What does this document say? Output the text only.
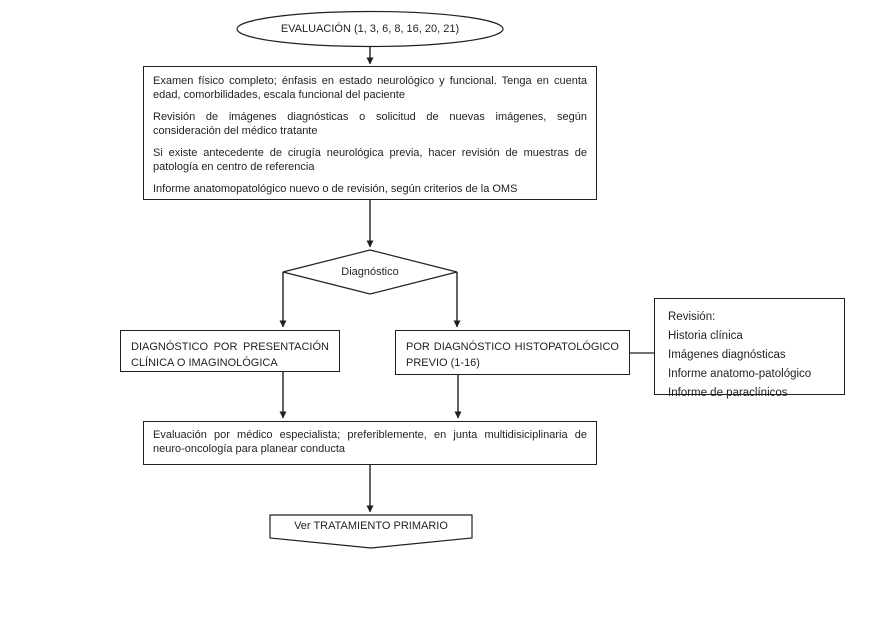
EVALUACIÓN (1, 3, 6, 8, 16, 20, 21)

Examen físico completo; énfasis en estado neurológico y funcional. Tenga en cuenta edad, comorbilidades, escala funcional del paciente

Revisión de imágenes diagnósticas o solicitud de nuevas imágenes, según consideración del médico tratante

Si existe antecedente de cirugía neurológica previa, hacer revisión de muestras de patología en centro de referencia

Informe anatomopatológico nuevo o de revisión, según criterios de la OMS

Diagnóstico
DIAGNÓSTICO POR PRESENTACIÓN CLÍNICA O IMAGINOLÓGICA
POR DIAGNÓSTICO HISTOPATOLÓGICO PREVIO (1-16)
Revisión:
Historia clínica
Imágenes diagnósticas
Informe anatomo-patológico
Informe de paraclínicos
Evaluación por médico especialista; preferiblemente, en junta multidisiciplinaria de neuro-oncología para planear conducta
Ver TRATAMIENTO PRIMARIO
